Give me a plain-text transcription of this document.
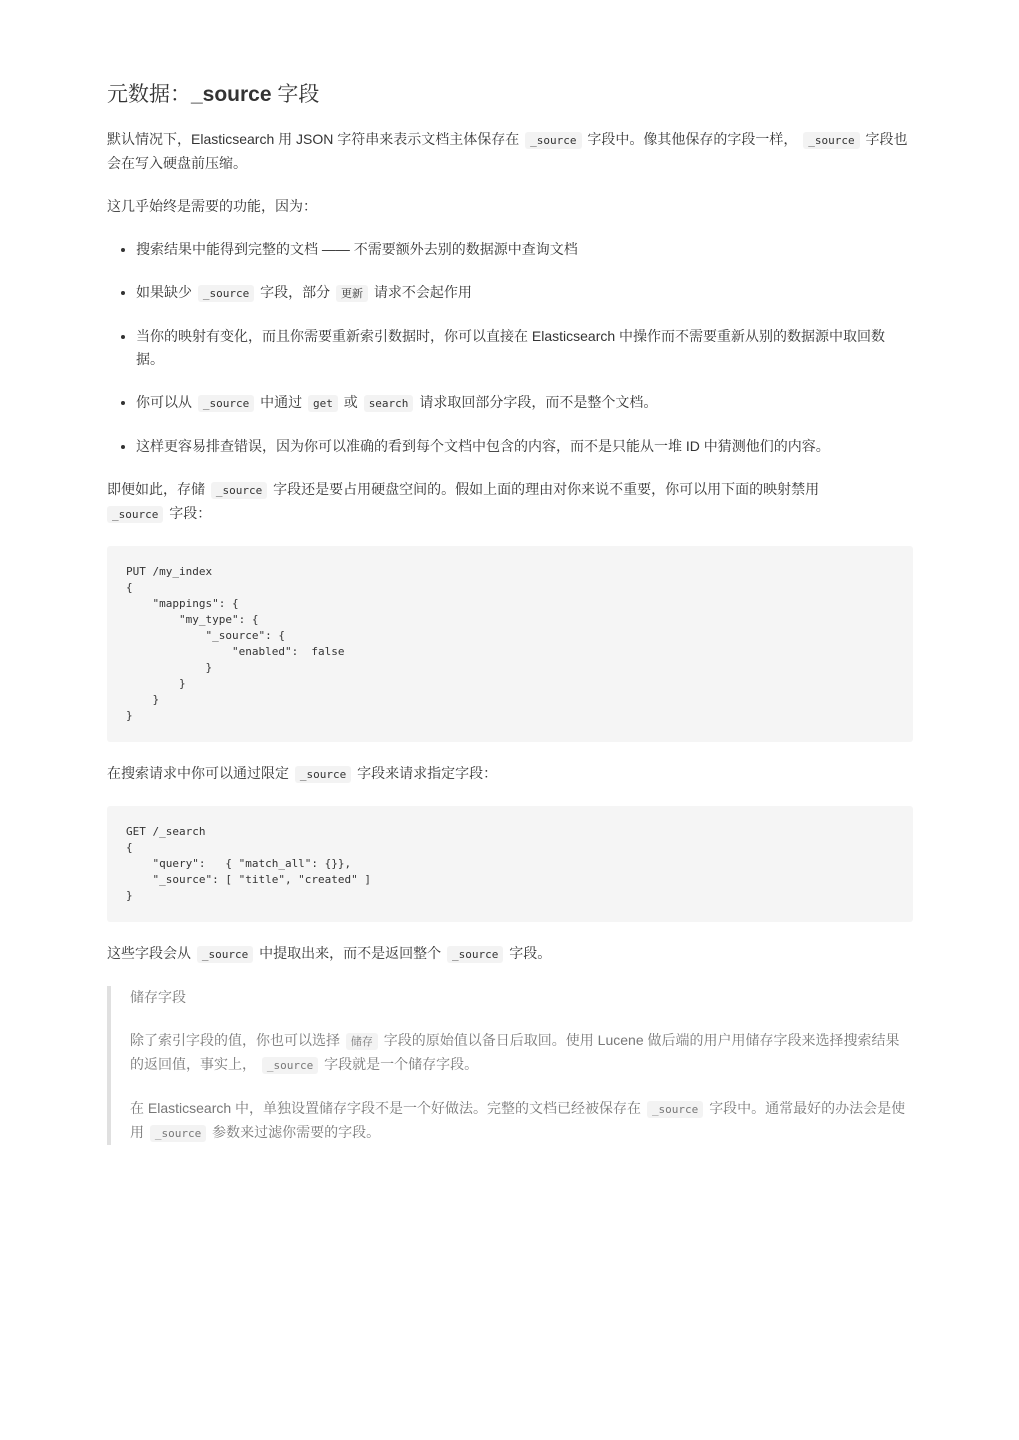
元数据：_source 字段

默认情况下，Elasticsearch 用 JSON 字符串来表示文档主体保存在 _source 字段中。像其他保存的字段一样， _source 字段也会在写入硬盘前压缩。

这几乎始终是需要的功能，因为：

• 搜索结果中能得到完整的文档 —— 不需要额外去别的数据源中查询文档
• 如果缺少 _source 字段，部分 更新 请求不会起作用
• 当你的映射有变化，而且你需要重新索引数据时，你可以直接在 Elasticsearch 中操作而不需要重新从别的数据源中取回数据。
• 你可以从 _source 中通过 get 或 search 请求取回部分字段，而不是整个文档。
• 这样更容易排查错误，因为你可以准确的看到每个文档中包含的内容，而不是只能从一堆 ID 中猜测他们的内容。

即便如此，存储 _source 字段还是要占用硬盘空间的。假如上面的理由对你来说不重要，你可以用下面的映射禁用
_source 字段：

PUT /my_index
{
"mappings": {
"my_type": {
"_source": {
"enabled":  false
}
}
}
}

在搜索请求中你可以通过限定 _source 字段来请求指定字段：

GET /_search
{
"query":   { "match_all": {}},
"_source": [ "title", "created" ]
}

这些字段会从 _source 中提取出来，而不是返回整个 _source 字段。

储存字段

除了索引字段的值，你也可以选择 储存 字段的原始值以备日后取回。使用 Lucene 做后端的用户用储存字段来选择搜索结果的返回值，事实上， _source 字段就是一个储存字段。

在 Elasticsearch 中，单独设置储存字段不是一个好做法。完整的文档已经被保存在 _source 字段中。通常最好的办法会是使用 _source 参数来过滤你需要的字段。
